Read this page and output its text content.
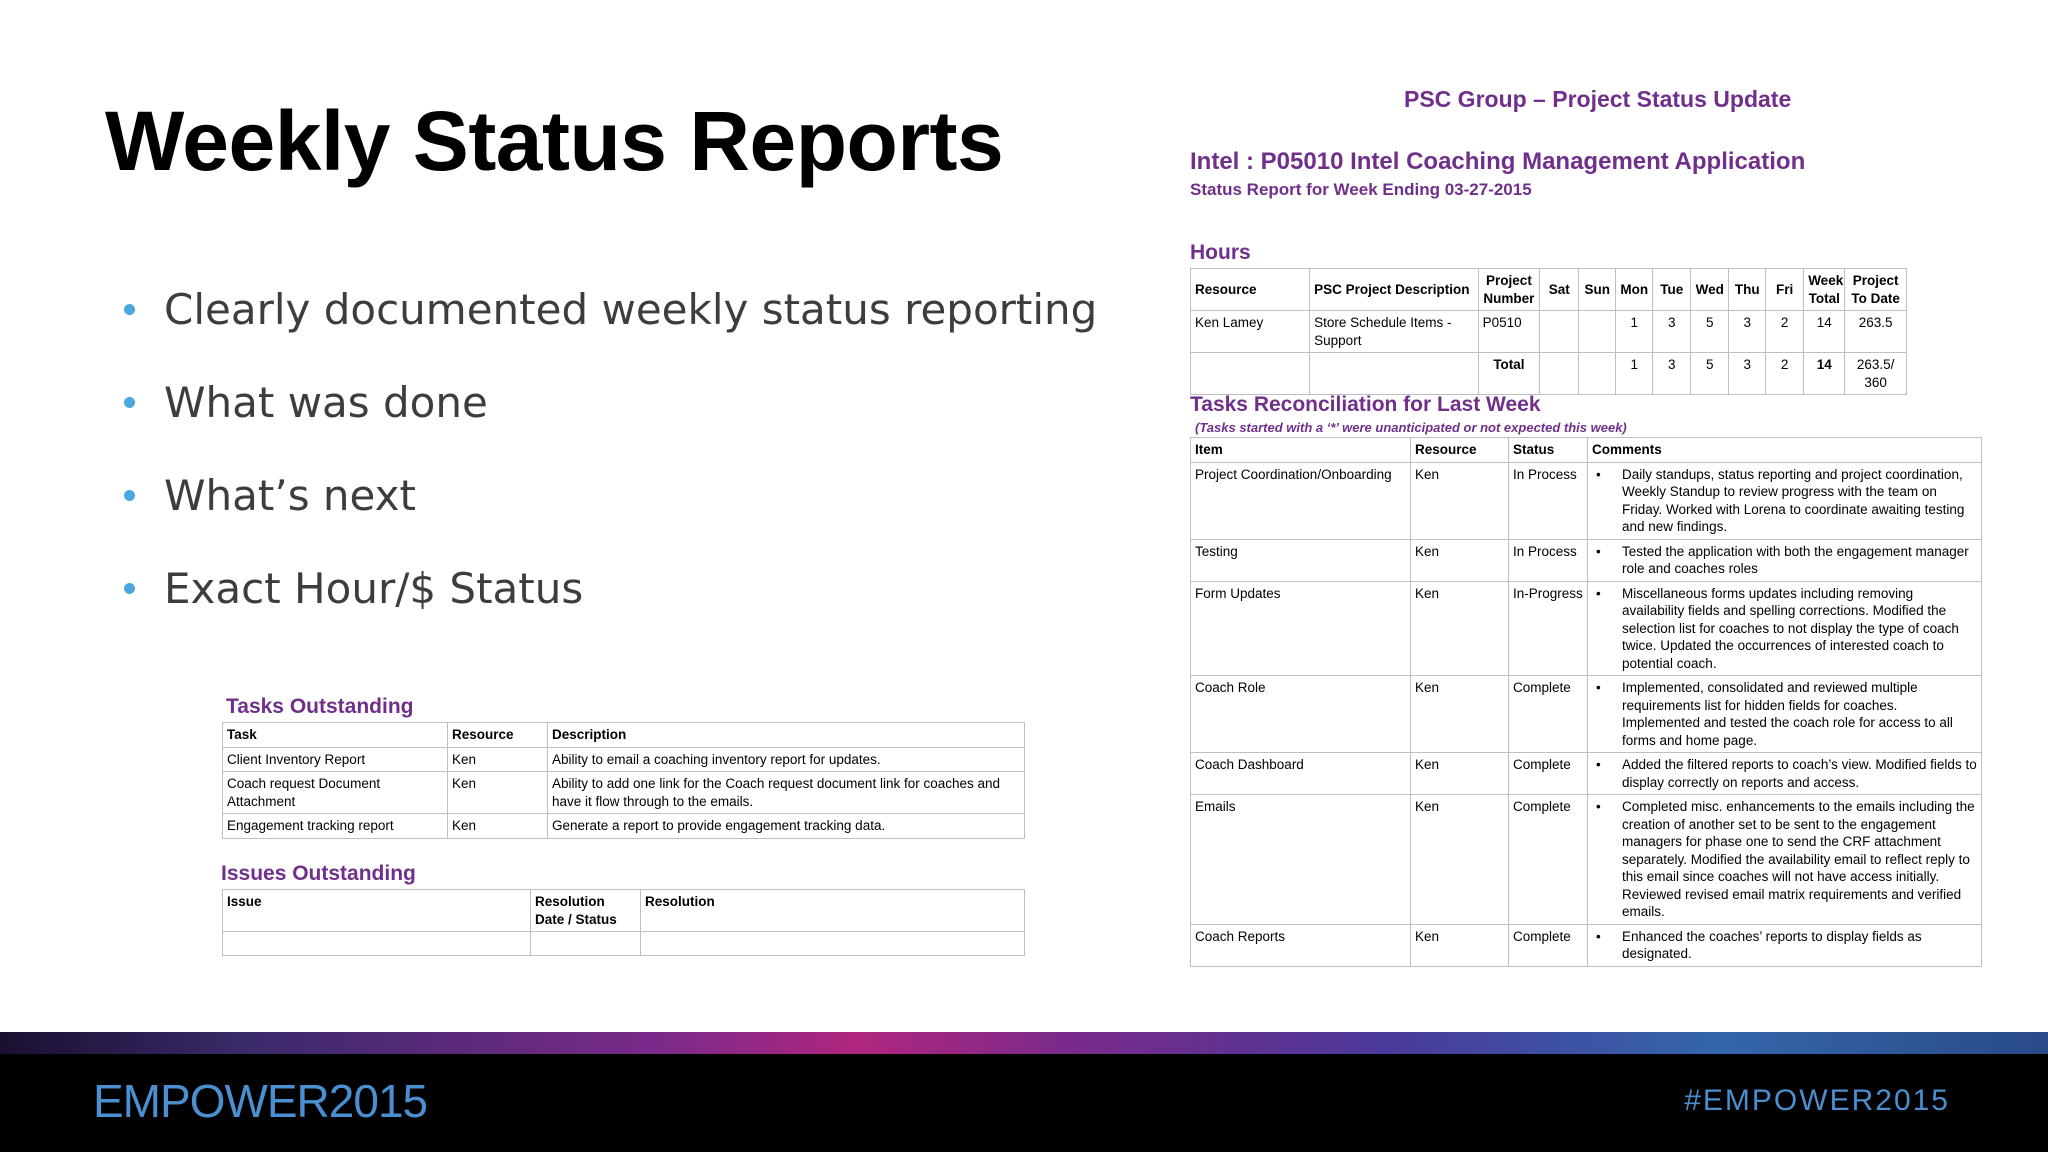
Weekly Status Reports
Clearly documented weekly status reporting
What was done
What’s next
Exact Hour/$ Status
PSC Group – Project Status Update
Intel : P05010 Intel Coaching Management Application
Status Report for Week Ending 03-27-2015
Hours
Resource	PSC Project Description	Project Number	Sat	Sun	Mon	Tue	Wed	Thu	Fri	Week Total	Project To Date
Ken Lamey	Store Schedule Items - Support	P0510			1	3	5	3	2	14	263.5
		Total			1	3	5	3	2	14	263.5/ 360
Tasks Reconciliation for Last Week
(Tasks started with a ‘*’ were unanticipated or not expected this week)
Item	Resource	Status	Comments
Project Coordination/Onboarding	Ken	In Process	• Daily standups, status reporting and project coordination, Weekly Standup to review progress with the team on Friday. Worked with Lorena to coordinate awaiting testing and new findings.

Testing	Ken	In Process	• Tested the application with both the engagement manager role and coaches roles

Form Updates	Ken	In-Progress	• Miscellaneous forms updates including removing availability fields and spelling corrections. Modified the selection list for coaches to not display the type of coach twice. Updated the occurrences of interested coach to potential coach.

Coach Role	Ken	Complete	• Implemented, consolidated and reviewed multiple requirements list for hidden fields for coaches. Implemented and tested the coach role for access to all forms and home page.

Coach Dashboard	Ken	Complete	• Added the filtered reports to coach’s view. Modified fields to display correctly on reports and access.

Emails	Ken	Complete	• Completed misc. enhancements to the emails including the creation of another set to be sent to the engagement managers for phase one to send the CRF attachment separately. Modified the availability email to reflect reply to this email since coaches will not have access initially. Reviewed revised email matrix requirements and verified emails.

Coach Reports	Ken	Complete	• Enhanced the coaches’ reports to display fields as designated.
Tasks Outstanding
Task	Resource	Description
Client Inventory Report	Ken	Ability to email a coaching inventory report for updates.
Coach request Document Attachment	Ken	Ability to add one link for the Coach request document link for coaches and have it flow through to the emails.
Engagement tracking report	Ken	Generate a report to provide engagement tracking data.
Issues Outstanding
Issue	Resolution Date / Status	Resolution

EMPOWER2015	#EMPOWER2015
